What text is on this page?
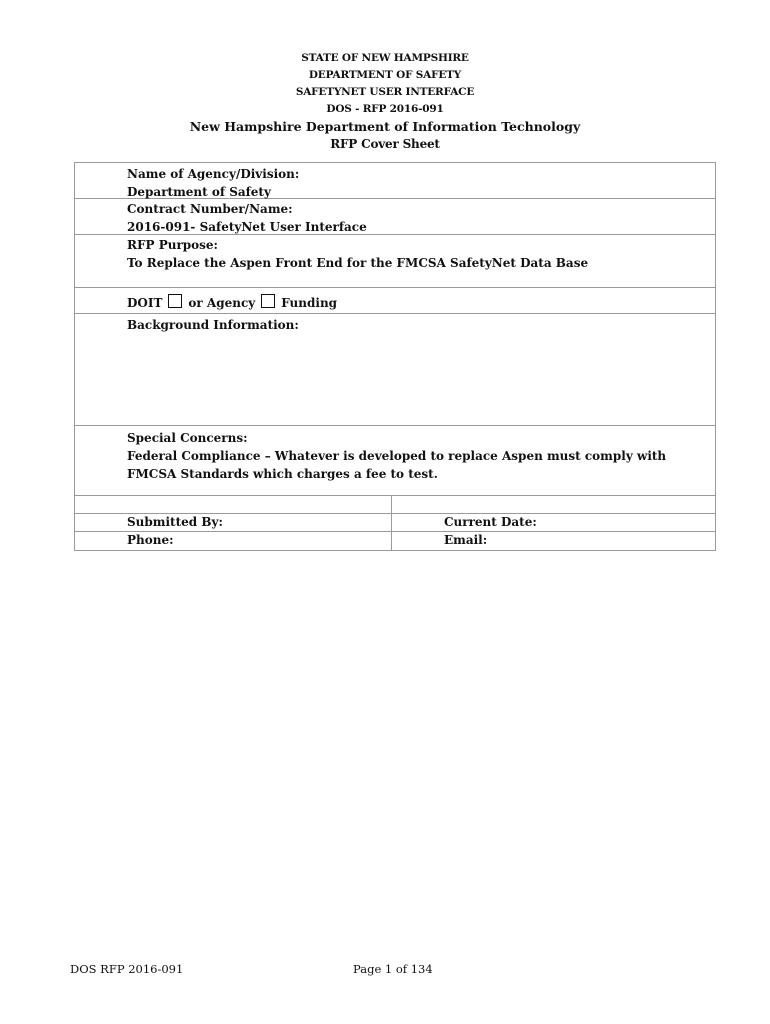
STATE OF NEW HAMPSHIRE
DEPARTMENT OF SAFETY
SAFETYNET USER INTERFACE
DOS - RFP 2016-091
New Hampshire Department of Information Technology
RFP Cover Sheet
Name of Agency/Division:
Department of Safety
Contract Number/Name:
2016-091- SafetyNet User Interface
RFP Purpose:
To Replace the Aspen Front End for the FMCSA SafetyNet Data Base
DOIT or Agency Funding
Background Information:
Special Concerns:
Federal Compliance – Whatever is developed to replace Aspen must comply with
FMCSA Standards which charges a fee to test.
Submitted By:	Current Date:
Phone:	Email:
DOS RFP 2016-091	Page 1 of 134
